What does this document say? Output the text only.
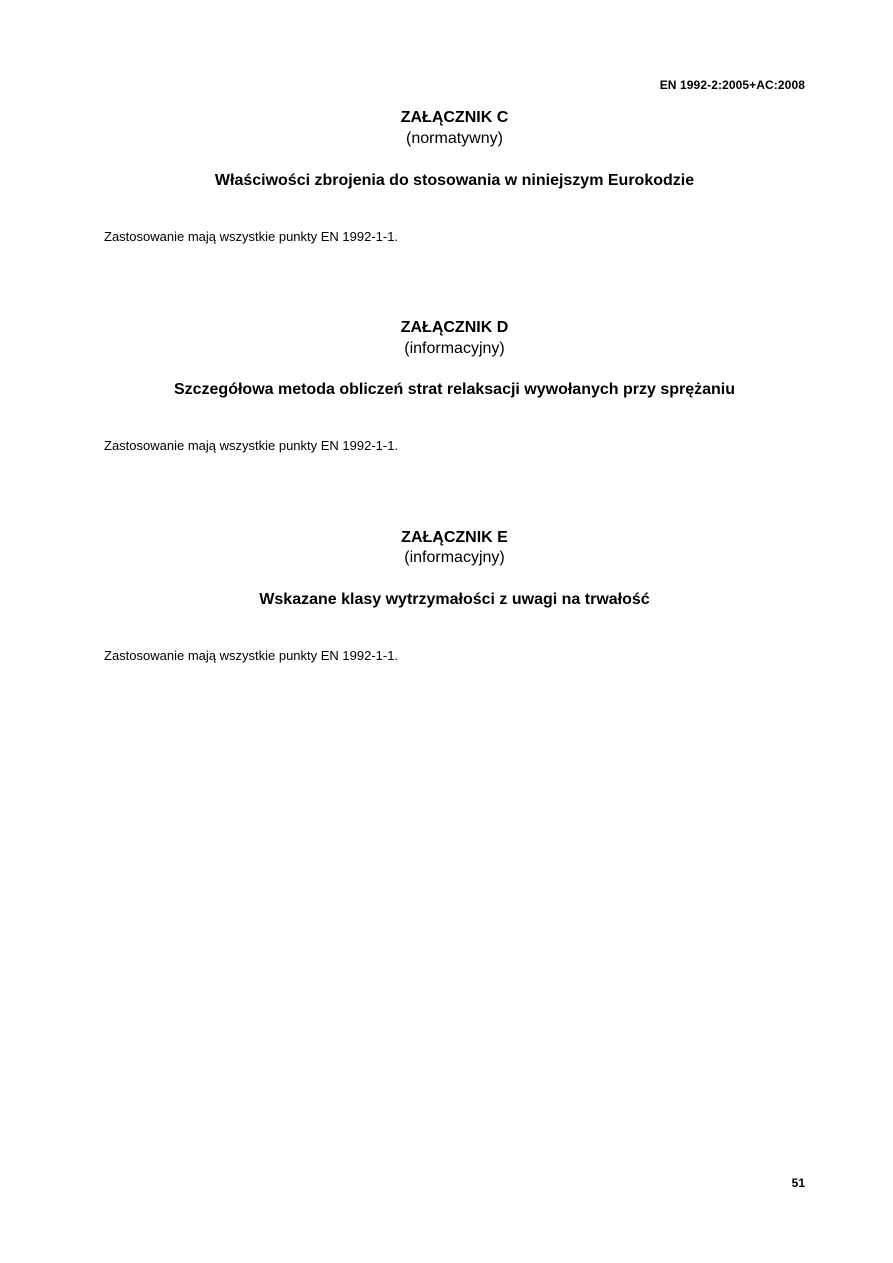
EN 1992-2:2005+AC:2008
ZAŁĄCZNIK C
(normatywny)
Właściwości zbrojenia do stosowania w niniejszym Eurokodzie
Zastosowanie mają wszystkie punkty EN 1992-1-1.
ZAŁĄCZNIK D
(informacyjny)
Szczegółowa metoda obliczeń strat relaksacji wywołanych przy sprężaniu
Zastosowanie mają wszystkie punkty EN 1992-1-1.
ZAŁĄCZNIK E
(informacyjny)
Wskazane klasy wytrzymałości z uwagi na trwałość
Zastosowanie mają wszystkie punkty EN 1992-1-1.
51
